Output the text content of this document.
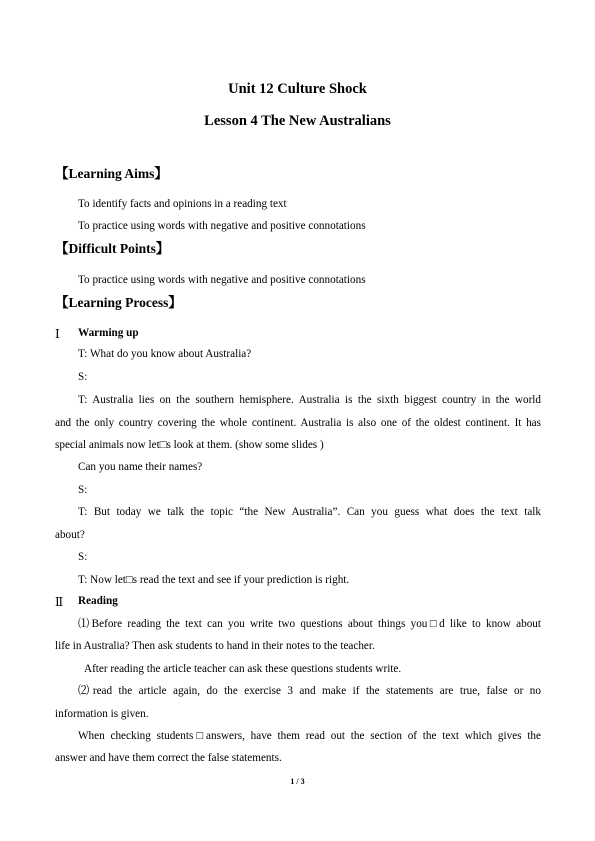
Unit 12 Culture Shock
Lesson 4 The New Australians
【Learning Aims】
To identify facts and opinions in a reading text
To practice using words with negative and positive connotations
【Difficult Points】
To practice using words with negative and positive connotations
【Learning Process】
Ⅰ Warming up
T: What do you know about Australia?
S:
T: Australia lies on the southern hemisphere. Australia is the sixth biggest country in the world
and the only country covering the whole continent. Australia is also one of the oldest continent. It has
special animals now let□s look at them. (show some slides )
Can you name their names?
S:
T: But today we talk the topic “the New Australia”. Can you guess what does the text talk
about?
S:
T: Now let□s read the text and see if your prediction is right.
Ⅱ Reading
⑴Before reading the text can you write two questions about things you□d like to know about
life in Australia? Then ask students to hand in their notes to the teacher.
After reading the article teacher can ask these questions students write.
⑵read the article again, do the exercise 3 and make if the statements are true, false or no
information is given.
When checking students□answers, have them read out the section of the text which gives the
answer and have them correct the false statements.
1 / 3
